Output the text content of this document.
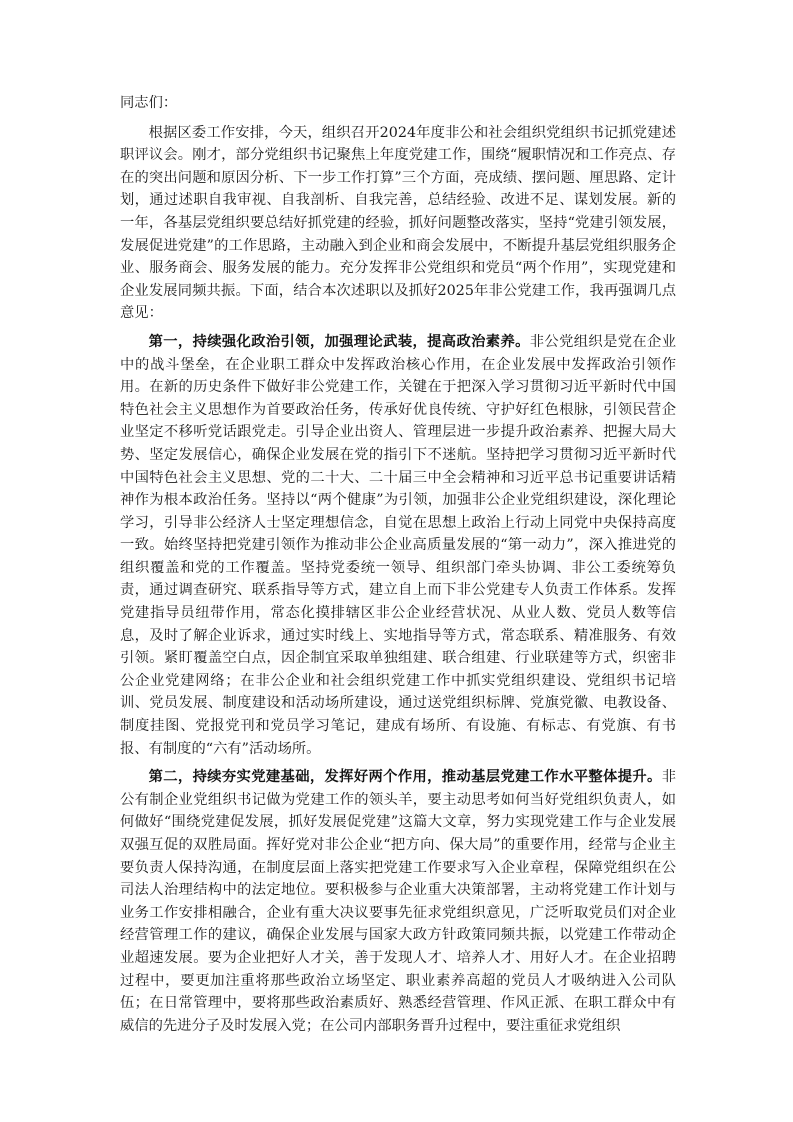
同志们：

根据区委工作安排，今天，组织召开2024年度非公和社会组织党组织书记抓党建述职评议会。刚才，部分党组织书记聚焦上年度党建工作，围绕“履职情况和工作亮点、存在的突出问题和原因分析、下一步工作打算”三个方面，亮成绩、摆问题、厘思路、定计划，通过述职自我审视、自我剖析、自我完善，总结经验、改进不足、谋划发展。新的一年，各基层党组织要总结好抓党建的经验，抓好问题整改落实，坚持“党建引领发展，发展促进党建”的工作思路，主动融入到企业和商会发展中，不断提升基层党组织服务企业、服务商会、服务发展的能力。充分发挥非公党组织和党员“两个作用”，实现党建和企业发展同频共振。下面，结合本次述职以及抓好2025年非公党建工作，我再强调几点意见：

第一，持续强化政治引领，加强理论武装，提高政治素养。非公党组织是党在企业中的战斗堡垒，在企业职工群众中发挥政治核心作用，在企业发展中发挥政治引领作用。在新的历史条件下做好非公党建工作，关键在于把深入学习贯彻习近平新时代中国特色社会主义思想作为首要政治任务，传承好优良传统、守护好红色根脉，引领民营企业坚定不移听党话跟党走。引导企业出资人、管理层进一步提升政治素养、把握大局大势、坚定发展信心，确保企业发展在党的指引下不迷航。坚持把学习贯彻习近平新时代中国特色社会主义思想、党的二十大、二十届三中全会精神和习近平总书记重要讲话精神作为根本政治任务。坚持以“两个健康”为引领，加强非公企业党组织建设，深化理论学习，引导非公经济人士坚定理想信念，自觉在思想上政治上行动上同党中央保持高度一致。始终坚持把党建引领作为推动非公企业高质量发展的“第一动力”，深入推进党的组织覆盖和党的工作覆盖。坚持党委统一领导、组织部门牵头协调、非公工委统筹负责，通过调查研究、联系指导等方式，建立自上而下非公党建专人负责工作体系。发挥党建指导员纽带作用，常态化摸排辖区非公企业经营状况、从业人数、党员人数等信息，及时了解企业诉求，通过实时线上、实地指导等方式，常态联系、精准服务、有效引领。紧盯覆盖空白点，因企制宜采取单独组建、联合组建、行业联建等方式，织密非公企业党建网络；在非公企业和社会组织党建工作中抓实党组织建设、党组织书记培训、党员发展、制度建设和活动场所建设，通过送党组织标牌、党旗党徽、电教设备、制度挂图、党报党刊和党员学习笔记，建成有场所、有设施、有标志、有党旗、有书报、有制度的“六有”活动场所。

第二，持续夯实党建基础，发挥好两个作用，推动基层党建工作水平整体提升。非公有制企业党组织书记做为党建工作的领头羊，要主动思考如何当好党组织负责人，如何做好“围绕党建促发展，抓好发展促党建”这篇大文章，努力实现党建工作与企业发展双强互促的双胜局面。挥好党对非公企业“把方向、保大局”的重要作用，经常与企业主要负责人保持沟通，在制度层面上落实把党建工作要求写入企业章程，保障党组织在公司法人治理结构中的法定地位。要积极参与企业重大决策部署，主动将党建工作计划与业务工作安排相融合，企业有重大决议要事先征求党组织意见，广泛听取党员们对企业经营管理工作的建议，确保企业发展与国家大政方针政策同频共振，以党建工作带动企业超速发展。要为企业把好人才关，善于发现人才、培养人才、用好人才。在企业招聘过程中，要更加注重将那些政治立场坚定、职业素养高超的党员人才吸纳进入公司队伍；在日常管理中，要将那些政治素质好、熟悉经营管理、作风正派、在职工群众中有威信的先进分子及时发展入党；在公司内部职务晋升过程中，要注重征求党组织
